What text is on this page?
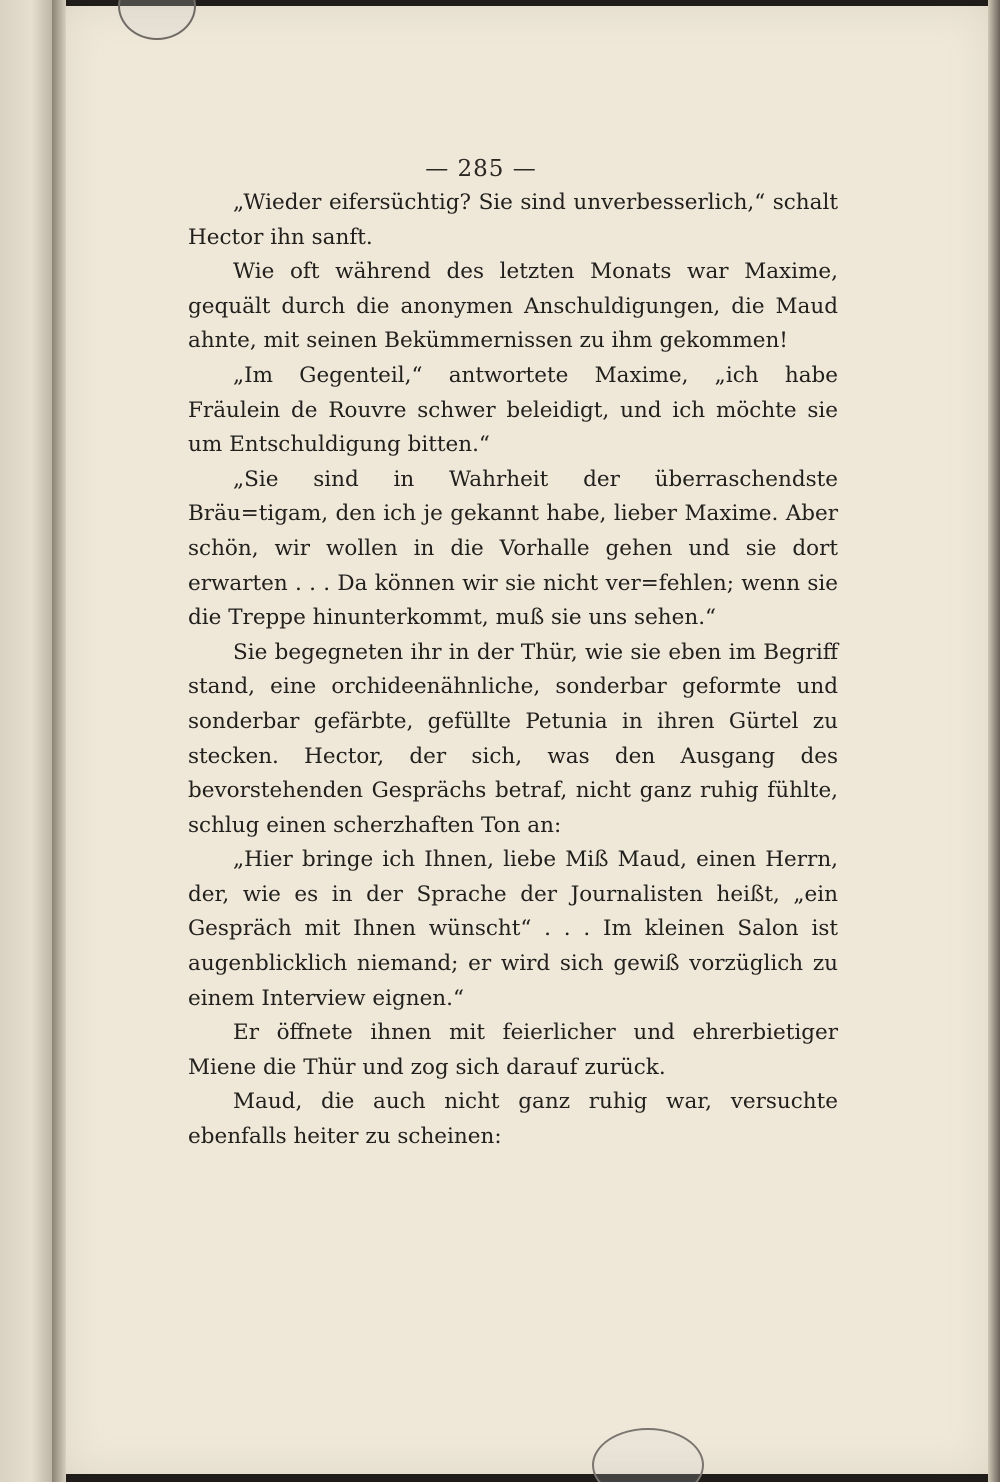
— 285 —

„Wieder eifersüchtig? Sie sind unverbesserlich,“ schalt Hector ihn sanft.

Wie oft während des letzten Monats war Maxime, gequält durch die anonymen Anschuldigungen, die Maud ahnte, mit seinen Bekümmernissen zu ihm gekommen!

„Im Gegenteil,“ antwortete Maxime, „ich habe Fräulein de Rouvre schwer beleidigt, und ich möchte sie um Entschuldigung bitten.“

„Sie sind in Wahrheit der überraschendste Bräu=tigam, den ich je gekannt habe, lieber Maxime. Aber schön, wir wollen in die Vorhalle gehen und sie dort erwarten . . . Da können wir sie nicht ver=fehlen; wenn sie die Treppe hinunterkommt, muß sie uns sehen.“

Sie begegneten ihr in der Thür, wie sie eben im Begriff stand, eine orchideenähnliche, sonderbar geformte und sonderbar gefärbte, gefüllte Petunia in ihren Gürtel zu stecken. Hector, der sich, was den Ausgang des bevorstehenden Gesprächs betraf, nicht ganz ruhig fühlte, schlug einen scherzhaften Ton an:

„Hier bringe ich Ihnen, liebe Miß Maud, einen Herrn, der, wie es in der Sprache der Journalisten heißt, „ein Gespräch mit Ihnen wünscht“ . . . Im kleinen Salon ist augenblicklich niemand; er wird sich gewiß vorzüglich zu einem Interview eignen.“

Er öffnete ihnen mit feierlicher und ehrerbietiger Miene die Thür und zog sich darauf zurück.

Maud, die auch nicht ganz ruhig war, versuchte ebenfalls heiter zu scheinen:
